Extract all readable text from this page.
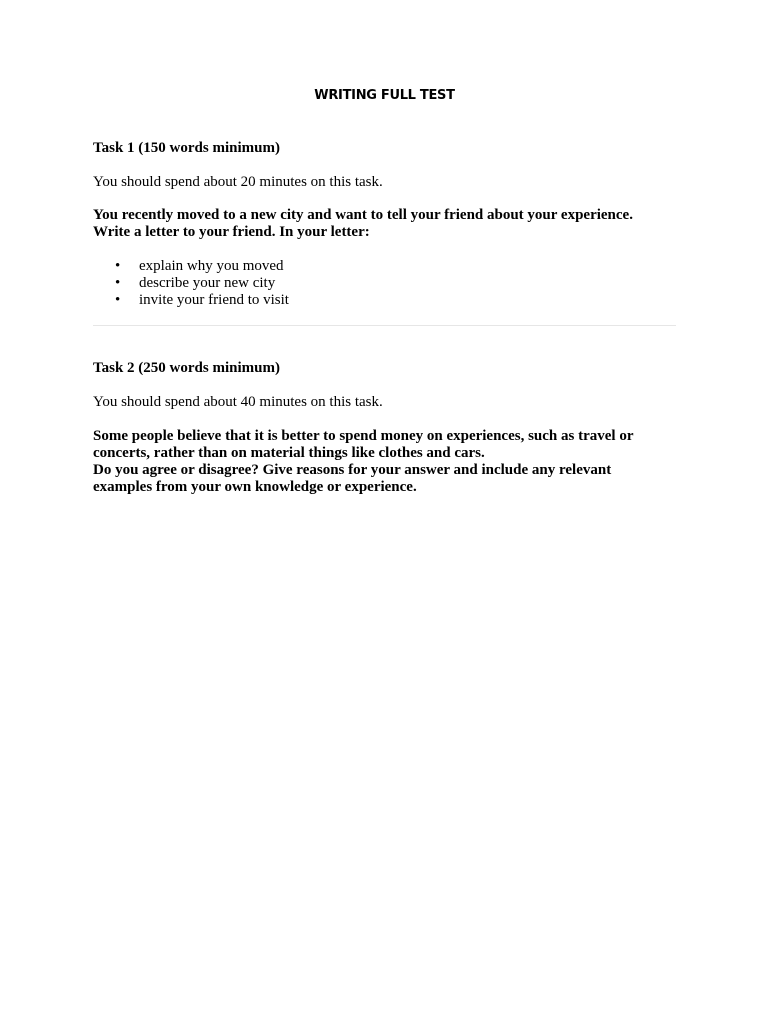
WRITING FULL TEST

Task 1 (150 words minimum)

You should spend about 20 minutes on this task.

You recently moved to a new city and want to tell your friend about your experience.
Write a letter to your friend. In your letter:
• explain why you moved
• describe your new city
• invite your friend to visit

Task 2 (250 words minimum)

You should spend about 40 minutes on this task.

Some people believe that it is better to spend money on experiences, such as travel or
concerts, rather than on material things like clothes and cars.
Do you agree or disagree? Give reasons for your answer and include any relevant
examples from your own knowledge or experience.
